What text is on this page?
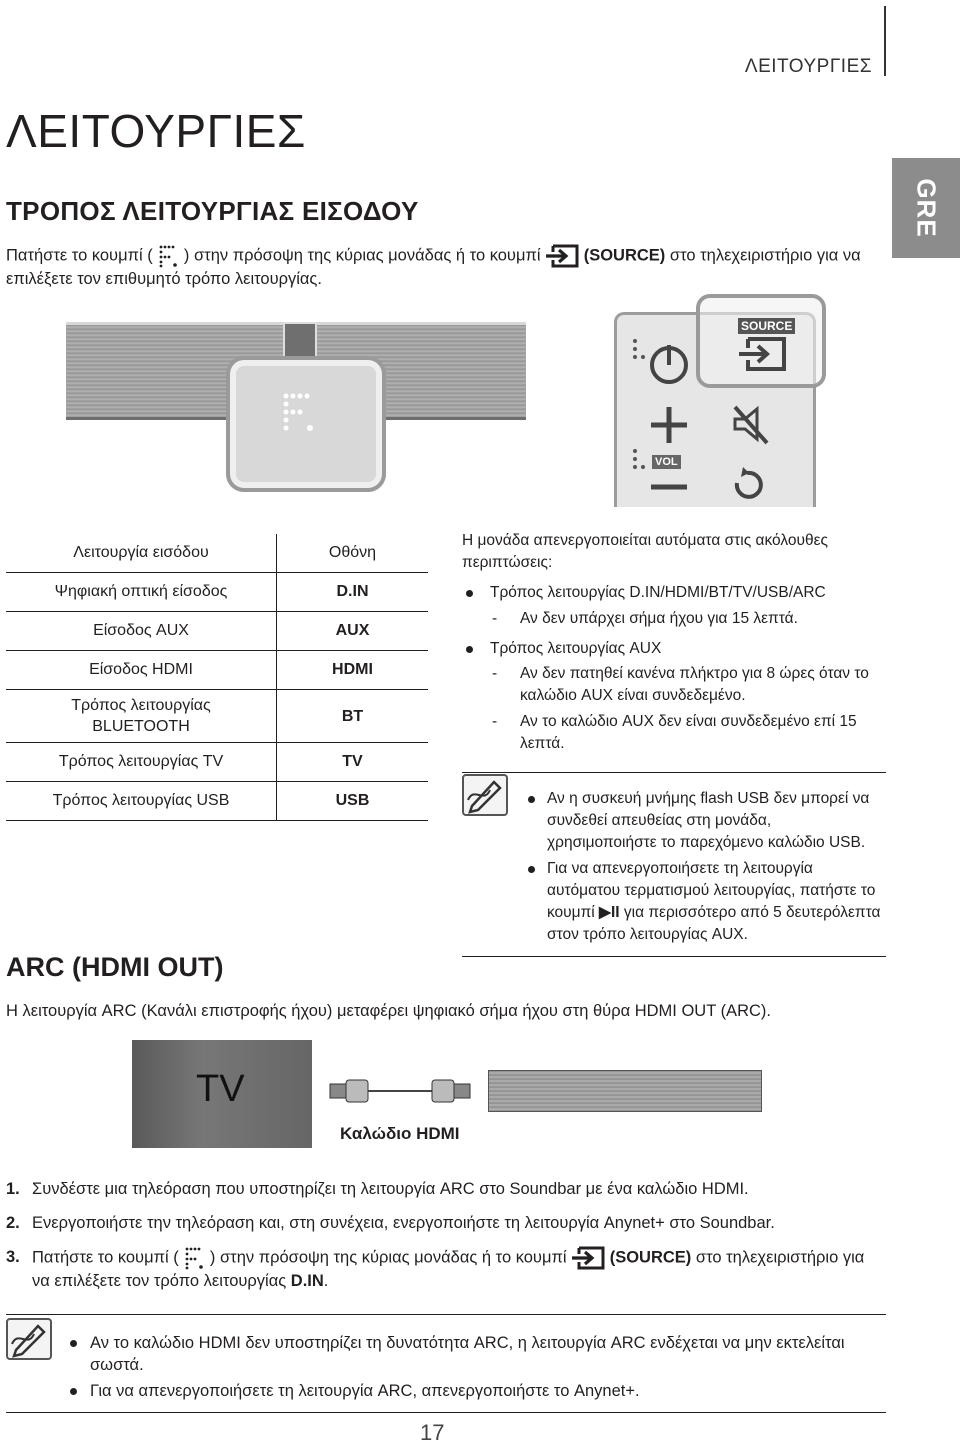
ΛΕΙΤΟΥΡΓΙΕΣ
ΛΕΙΤΟΥΡΓΙΕΣ
GRE
ΤΡΟΠΟΣ ΛΕΙΤΟΥΡΓΙΑΣ ΕΙΣΟΔΟΥ
Πατήστε το κουμπί ( ) στην πρόσοψη της κύριας μονάδας ή το κουμπί	(SOURCE) στο τηλεχειριστήριο για να
επιλέξετε τον επιθυμητό τρόπο λειτουργίας.
SOURCE
VOL
Λειτουργία εισόδου	Οθόνη
Ψηφιακή οπτική είσοδος	D.IN
Είσοδος AUX	AUX
Είσοδος HDMI	HDMI
Τρόπος λειτουργίας BLUETOOTH	BT
Τρόπος λειτουργίας TV	TV
Τρόπος λειτουργίας USB	USB
Η μονάδα απενεργοποιείται αυτόματα στις ακόλουθες περιπτώσεις:
Τρόπος λειτουργίας D.IN/HDMI/BT/TV/USB/ARC
- Αν δεν υπάρχει σήμα ήχου για 15 λεπτά.
Τρόπος λειτουργίας AUX
- Αν δεν πατηθεί κανένα πλήκτρο για 8 ώρες όταν το καλώδιο AUX είναι συνδεδεμένο.
- Αν το καλώδιο AUX δεν είναι συνδεδεμένο επί 15 λεπτά.
Αν η συσκευή μνήμης flash USB δεν μπορεί να συνδεθεί απευθείας στη μονάδα, χρησιμοποιήστε το παρεχόμενο καλώδιο USB.
Για να απενεργοποιήσετε τη λειτουργία αυτόματου τερματισμού λειτουργίας, πατήστε το κουμπί ▶II για περισσότερο από 5 δευτερόλεπτα στον τρόπο λειτουργίας AUX.
ARC (HDMI OUT)
Η λειτουργία ARC (Κανάλι επιστροφής ήχου) μεταφέρει ψηφιακό σήμα ήχου στη θύρα HDMI OUT (ARC).
TV
Καλώδιο HDMI
1. Συνδέστε μια τηλεόραση που υποστηρίζει τη λειτουργία ARC στο Soundbar με ένα καλώδιο HDMI.
2. Ενεργοποιήστε την τηλεόραση και, στη συνέχεια, ενεργοποιήστε τη λειτουργία Anynet+ στο Soundbar.
3. Πατήστε το κουμπί ( ) στην πρόσοψη της κύριας μονάδας ή το κουμπί	(SOURCE) στο τηλεχειριστήριο για
να επιλέξετε τον τρόπο λειτουργίας D.IN.
Αν το καλώδιο HDMI δεν υποστηρίζει τη δυνατότητα ARC, η λειτουργία ARC ενδέχεται να μην εκτελείται σωστά.
Για να απενεργοποιήσετε τη λειτουργία ARC, απενεργοποιήστε το Anynet+.
17
